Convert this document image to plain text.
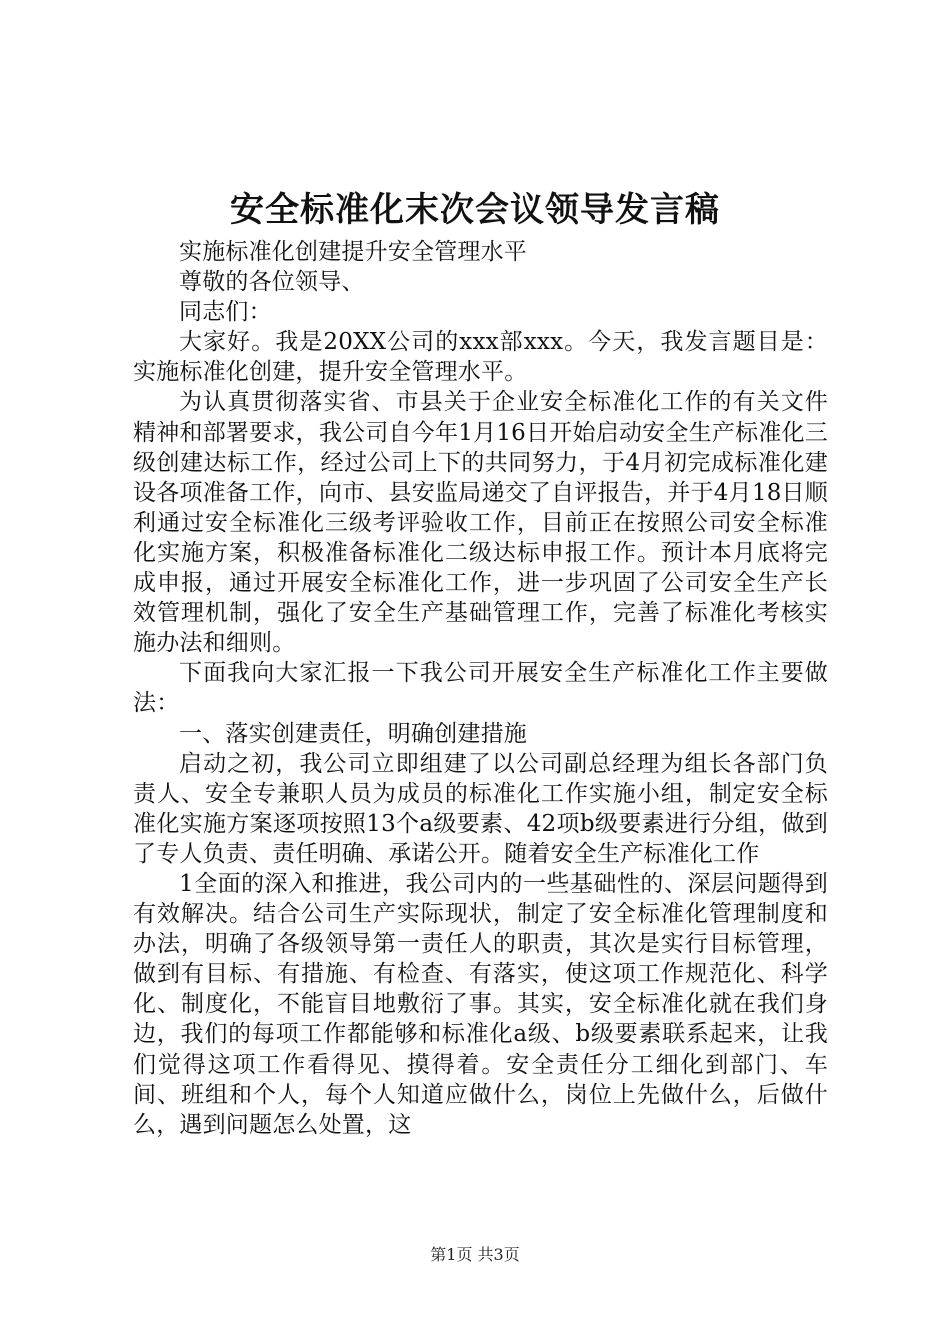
安全标准化末次会议领导发言稿

实施标准化创建提升安全管理水平

尊敬的各位领导、

同志们：

大家好。我是20XX公司的xxx部xxx。今天，我发言题目是：实施标准化创建，提升安全管理水平。

为认真贯彻落实省、市县关于企业安全标准化工作的有关文件精神和部署要求，我公司自今年1月16日开始启动安全生产标准化三级创建达标工作，经过公司上下的共同努力，于4月初完成标准化建设各项准备工作，向市、县安监局递交了自评报告，并于4月18日顺利通过安全标准化三级考评验收工作，目前正在按照公司安全标准化实施方案，积极准备标准化二级达标申报工作。预计本月底将完成申报，通过开展安全标准化工作，进一步巩固了公司安全生产长效管理机制，强化了安全生产基础管理工作，完善了标准化考核实施办法和细则。

下面我向大家汇报一下我公司开展安全生产标准化工作主要做法：

一、落实创建责任，明确创建措施

启动之初，我公司立即组建了以公司副总经理为组长各部门负责人、安全专兼职人员为成员的标准化工作实施小组，制定安全标准化实施方案逐项按照13个a级要素、42项b级要素进行分组，做到了专人负责、责任明确、承诺公开。随着安全生产标准化工作

1全面的深入和推进，我公司内的一些基础性的、深层问题得到有效解决。结合公司生产实际现状，制定了安全标准化管理制度和办法，明确了各级领导第一责任人的职责，其次是实行目标管理，做到有目标、有措施、有检查、有落实，使这项工作规范化、科学化、制度化，不能盲目地敷衍了事。其实，安全标准化就在我们身边，我们的每项工作都能够和标准化a级、b级要素联系起来，让我们觉得这项工作看得见、摸得着。安全责任分工细化到部门、车间、班组和个人，每个人知道应做什么，岗位上先做什么，后做什么，遇到问题怎么处置，这

第1页 共3页
